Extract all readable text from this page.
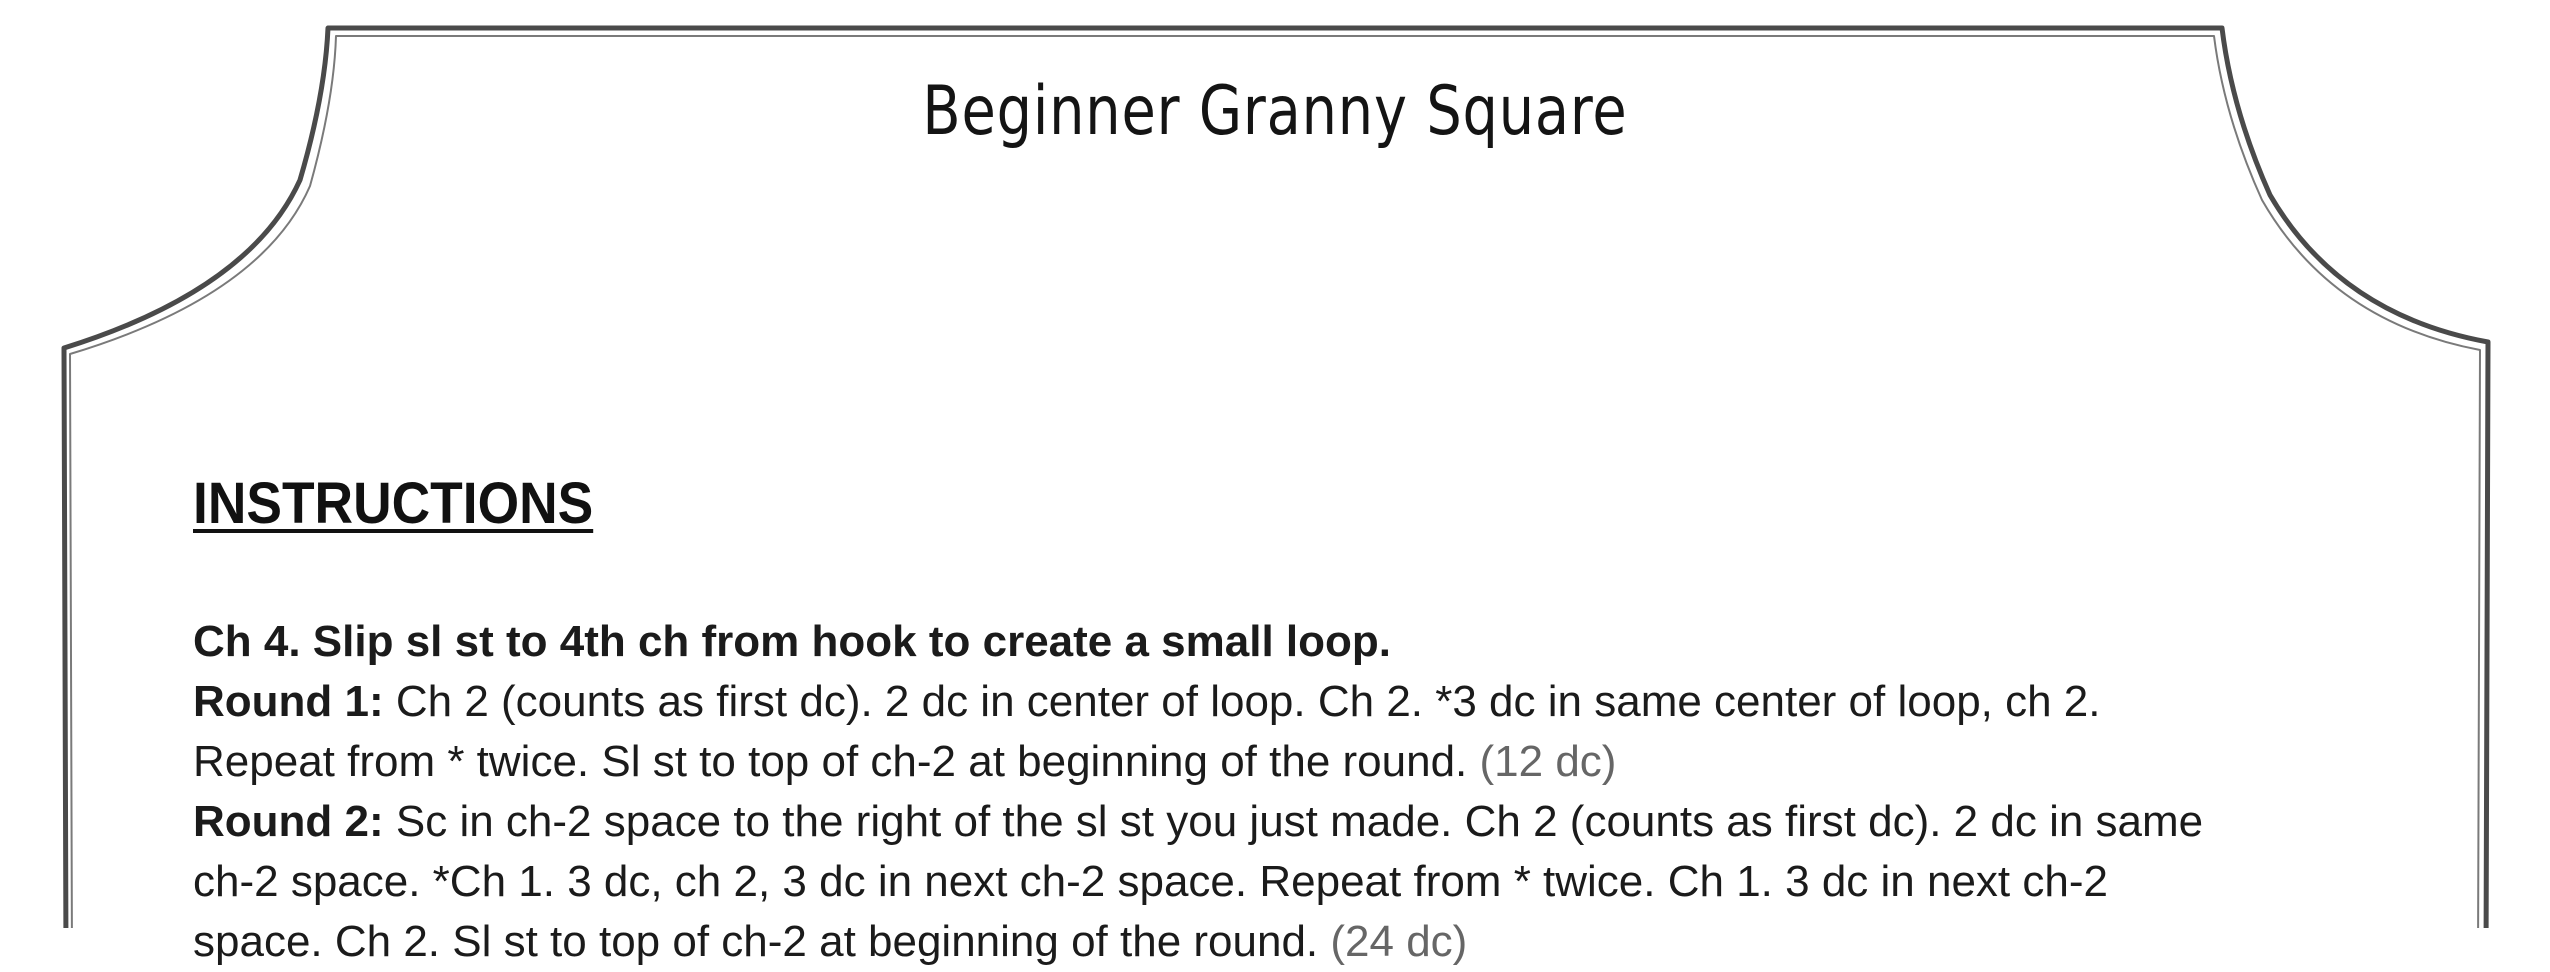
Beginner Granny Square
INSTRUCTIONS
Ch 4. Slip sl st to 4th ch from hook to create a small loop.
Round 1: Ch 2 (counts as first dc). 2 dc in center of loop. Ch 2. *3 dc in same center of loop, ch 2.
Repeat from * twice. Sl st to top of ch-2 at beginning of the round. (12 dc)
Round 2: Sc in ch-2 space to the right of the sl st you just made. Ch 2 (counts as first dc). 2 dc in same
ch-2 space. *Ch 1. 3 dc, ch 2, 3 dc in next ch-2 space. Repeat from * twice. Ch 1. 3 dc in next ch-2
space. Ch 2. Sl st to top of ch-2 at beginning of the round. (24 dc)
